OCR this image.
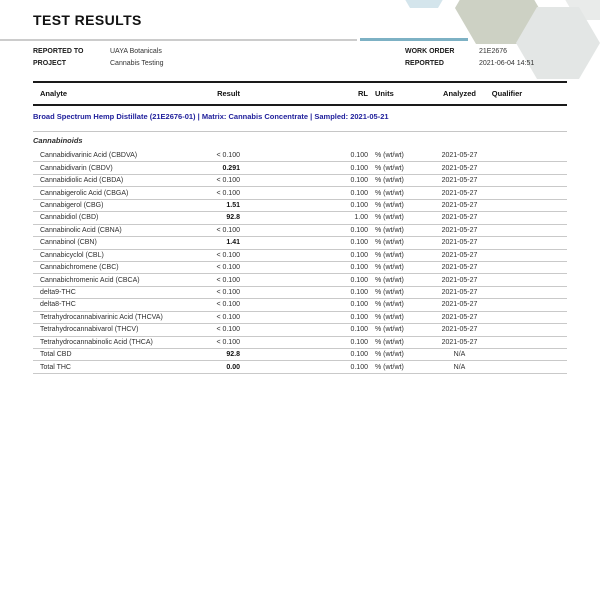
TEST RESULTS
REPORTED TO	UAYA Botanicals
PROJECT	Cannabis Testing
WORK ORDER	21E2676
REPORTED	2021-06-04 14:51
Analyte	Result	RL Units	Analyzed	Qualifier
Broad Spectrum Hemp Distillate (21E2676-01) | Matrix: Cannabis Concentrate | Sampled: 2021-05-21
Cannabinoids
Cannabidivarinic Acid (CBDVA)	< 0.100	0.100	% (wt/wt)	2021-05-27
Cannabidivarin (CBDV)	0.291	0.100	% (wt/wt)	2021-05-27
Cannabidiolic Acid (CBDA)	< 0.100	0.100	% (wt/wt)	2021-05-27
Cannabigerolic Acid (CBGA)	< 0.100	0.100	% (wt/wt)	2021-05-27
Cannabigerol (CBG)	1.51	0.100	% (wt/wt)	2021-05-27
Cannabidiol (CBD)	92.8	1.00	% (wt/wt)	2021-05-27
Cannabinolic Acid (CBNA)	< 0.100	0.100	% (wt/wt)	2021-05-27
Cannabinol (CBN)	1.41	0.100	% (wt/wt)	2021-05-27
Cannabicyclol (CBL)	< 0.100	0.100	% (wt/wt)	2021-05-27
Cannabichromene (CBC)	< 0.100	0.100	% (wt/wt)	2021-05-27
Cannabichromenic Acid (CBCA)	< 0.100	0.100	% (wt/wt)	2021-05-27
delta9-THC	< 0.100	0.100	% (wt/wt)	2021-05-27
delta8-THC	< 0.100	0.100	% (wt/wt)	2021-05-27
Tetrahydrocannabivarinic Acid (THCVA)	< 0.100	0.100	% (wt/wt)	2021-05-27
Tetrahydrocannabivarol (THCV)	< 0.100	0.100	% (wt/wt)	2021-05-27
Tetrahydrocannabinolic Acid (THCA)	< 0.100	0.100	% (wt/wt)	2021-05-27
Total CBD	92.8	0.100	% (wt/wt)	N/A
Total THC	0.00	0.100	% (wt/wt)	N/A
